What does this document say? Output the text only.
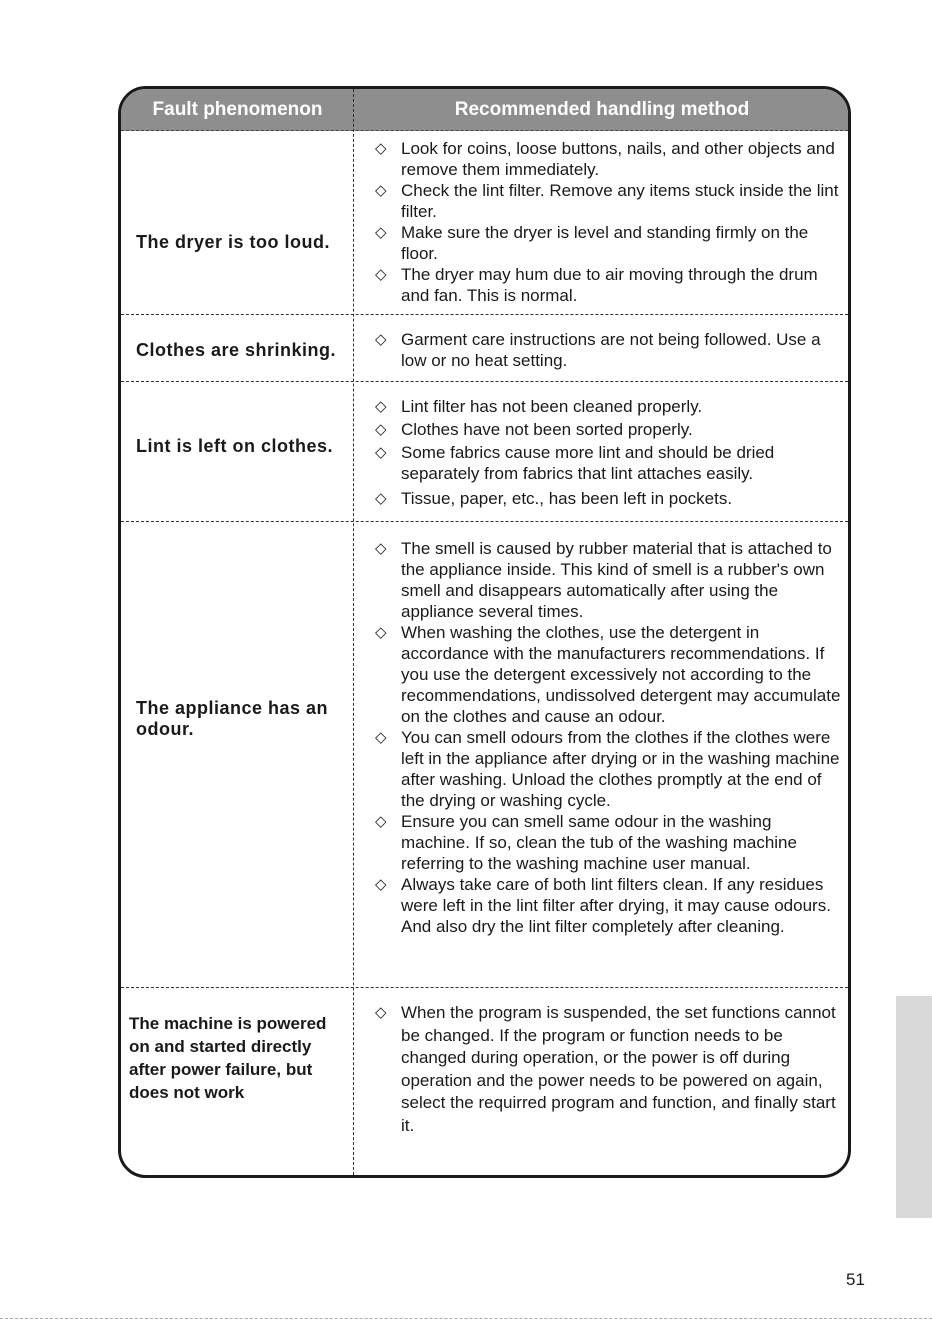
Fault phenomenon	Recommended handling method
The dryer is too loud.
◇ Look for coins, loose buttons, nails, and other objects and remove them immediately.
◇ Check the lint filter. Remove any items stuck inside the lint filter.
◇ Make sure the dryer is level and standing firmly on the floor.
◇ The dryer may hum due to air moving through the drum and fan. This is normal.
Clothes are shrinking.
◇ Garment care instructions are not being followed. Use a low or no heat setting.
Lint is left on clothes.
◇ Lint filter has not been cleaned properly.
◇ Clothes have not been sorted properly.
◇ Some fabrics cause more lint and should be dried separately from fabrics that lint attaches easily.
◇ Tissue, paper, etc., has been left in pockets.
The appliance has an odour.
◇ The smell is caused by rubber material that is attached to the appliance inside. This kind of smell is a rubber's own smell and disappears automatically after using the appliance several times.
◇ When washing the clothes, use the detergent in accordance with the manufacturers recommendations. If you use the detergent excessively not according to the recommendations, undissolved detergent may accumulate on the clothes and cause an odour.
◇ You can smell odours from the clothes if the clothes were left in the appliance after drying or in the washing machine after washing. Unload the clothes promptly at the end of the drying or washing cycle.
◇ Ensure you can smell same odour in the washing machine. If so, clean the tub of the washing machine referring to the washing machine user manual.
◇ Always take care of both lint filters clean. If any residues were left in the lint filter after drying, it may cause odours. And also dry the lint filter completely after cleaning.
The machine is powered on and started directly after power failure, but does not work
◇ When the program is suspended, the set functions cannot be changed. If the program or function needs to be changed during operation, or the power is off during operation and the power needs to be powered on again, select the requirred program and function, and finally start it.
51
